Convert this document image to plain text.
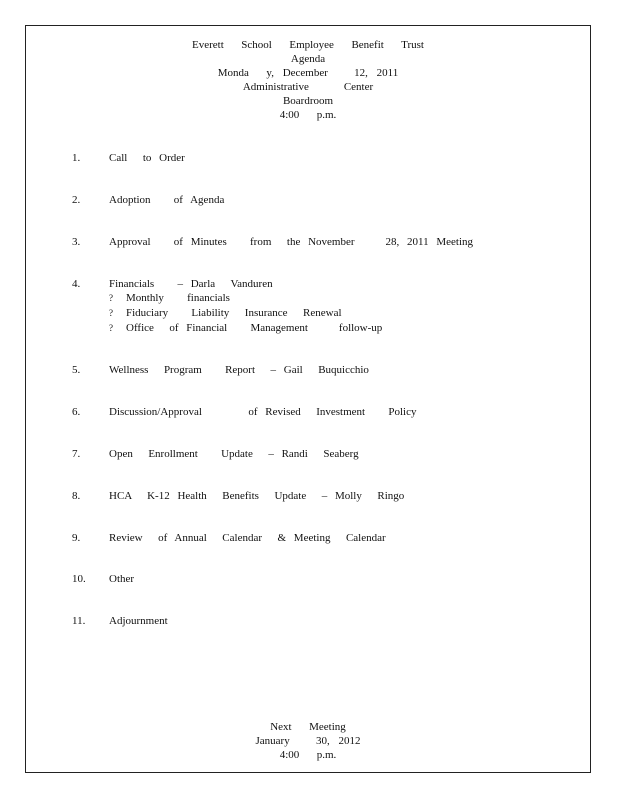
Everett  School  Employee  Benefit  Trust
Agenda
Monda  y, December   12, 2011
Administrative    Center
Boardroom
4:00  p.m.
1.	Call  to Order
2.	Adoption   of Agenda
3.	Approval   of Minutes   from  the November    28, 2011 Meeting
4.	Financials   – Darla  Vanduren
? Monthly   financials
? Fiduciary   Liability  Insurance  Renewal
? Office  of Financial   Management    follow-up
5.	Wellness  Program   Report  – Gail  Buquicchio
6.	Discussion/Approval      of Revised  Investment   Policy
7.	Open  Enrollment   Update  – Randi  Seaberg
8.	HCA  K-12 Health  Benefits  Update  – Molly  Ringo
9.	Review  of Annual  Calendar  & Meeting  Calendar
10. Other
11. Adjournment
Next  Meeting
January   30, 2012
4:00  p.m.
